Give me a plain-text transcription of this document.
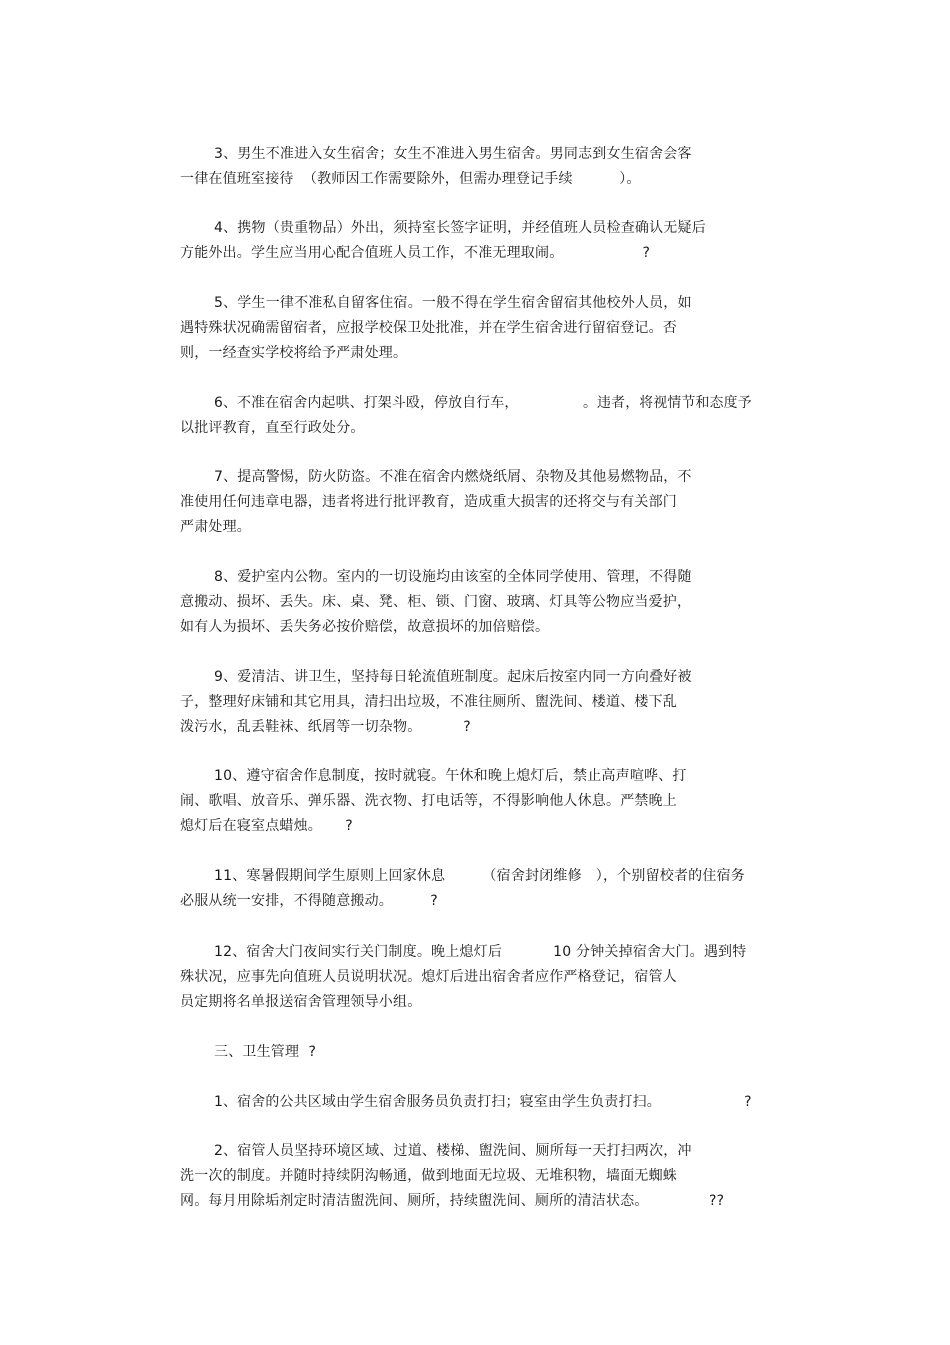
3、男生不准进入女生宿舍；女生不准进入男生宿舍。男同志到女生宿舍会客
一律在值班室接待  （教师因工作需要除外，但需办理登记手续          ）。
4、携物（贵重物品）外出，须持室长签字证明，并经值班人员检查确认无疑后
方能外出。学生应当用心配合值班人员工作，不准无理取闹。                 ?
5、学生一律不准私自留客住宿。一般不得在学生宿舍留宿其他校外人员，如
遇特殊状况确需留宿者，应报学校保卫处批准，并在学生宿舍进行留宿登记。否
则，一经查实学校将给予严肃处理。
6、不准在宿舍内起哄、打架斗殴，停放自行车，              。违者，将视情节和态度予
以批评教育，直至行政处分。
7、提高警惕，防火防盗。不准在宿舍内燃烧纸屑、杂物及其他易燃物品，不
准使用任何违章电器，违者将进行批评教育，造成重大损害的还将交与有关部门
严肃处理。
8、爱护室内公物。室内的一切设施均由该室的全体同学使用、管理，不得随
意搬动、损坏、丢失。床、桌、凳、柜、锁、门窗、玻璃、灯具等公物应当爱护，
如有人为损坏、丢失务必按价赔偿，故意损坏的加倍赔偿。
9、爱清洁、讲卫生，坚持每日轮流值班制度。起床后按室内同一方向叠好被
子，整理好床铺和其它用具，清扫出垃圾，不准往厕所、盥洗间、楼道、楼下乱
泼污水，乱丢鞋袜、纸屑等一切杂物。         ?
10、遵守宿舍作息制度，按时就寝。午休和晚上熄灯后，禁止高声喧哗、打
闹、歌唱、放音乐、弹乐器、洗衣物、打电话等，不得影响他人休息。严禁晚上
熄灯后在寝室点蜡烛。     ?
11、寒暑假期间学生原则上回家休息        （宿舍封闭维修   ），个别留校者的住宿务
必服从统一安排，不得随意搬动。        ?
12、宿舍大门夜间实行关门制度。晚上熄灯后           10 分钟关掉宿舍大门。遇到特
殊状况，应事先向值班人员说明状况。熄灯后进出宿舍者应作严格登记，宿管人
员定期将名单报送宿舍管理领导小组。
三、卫生管理  ?
1、宿舍的公共区域由学生宿舍服务员负责打扫；寝室由学生负责打扫。                  ?
2、宿管人员坚持环境区域、过道、楼梯、盥洗间、厕所每一天打扫两次，冲
洗一次的制度。并随时持续阴沟畅通，做到地面无垃圾、无堆积物，墙面无蜘蛛
网。每月用除垢剂定时清洁盥洗间、厕所，持续盥洗间、厕所的清洁状态。             ??
